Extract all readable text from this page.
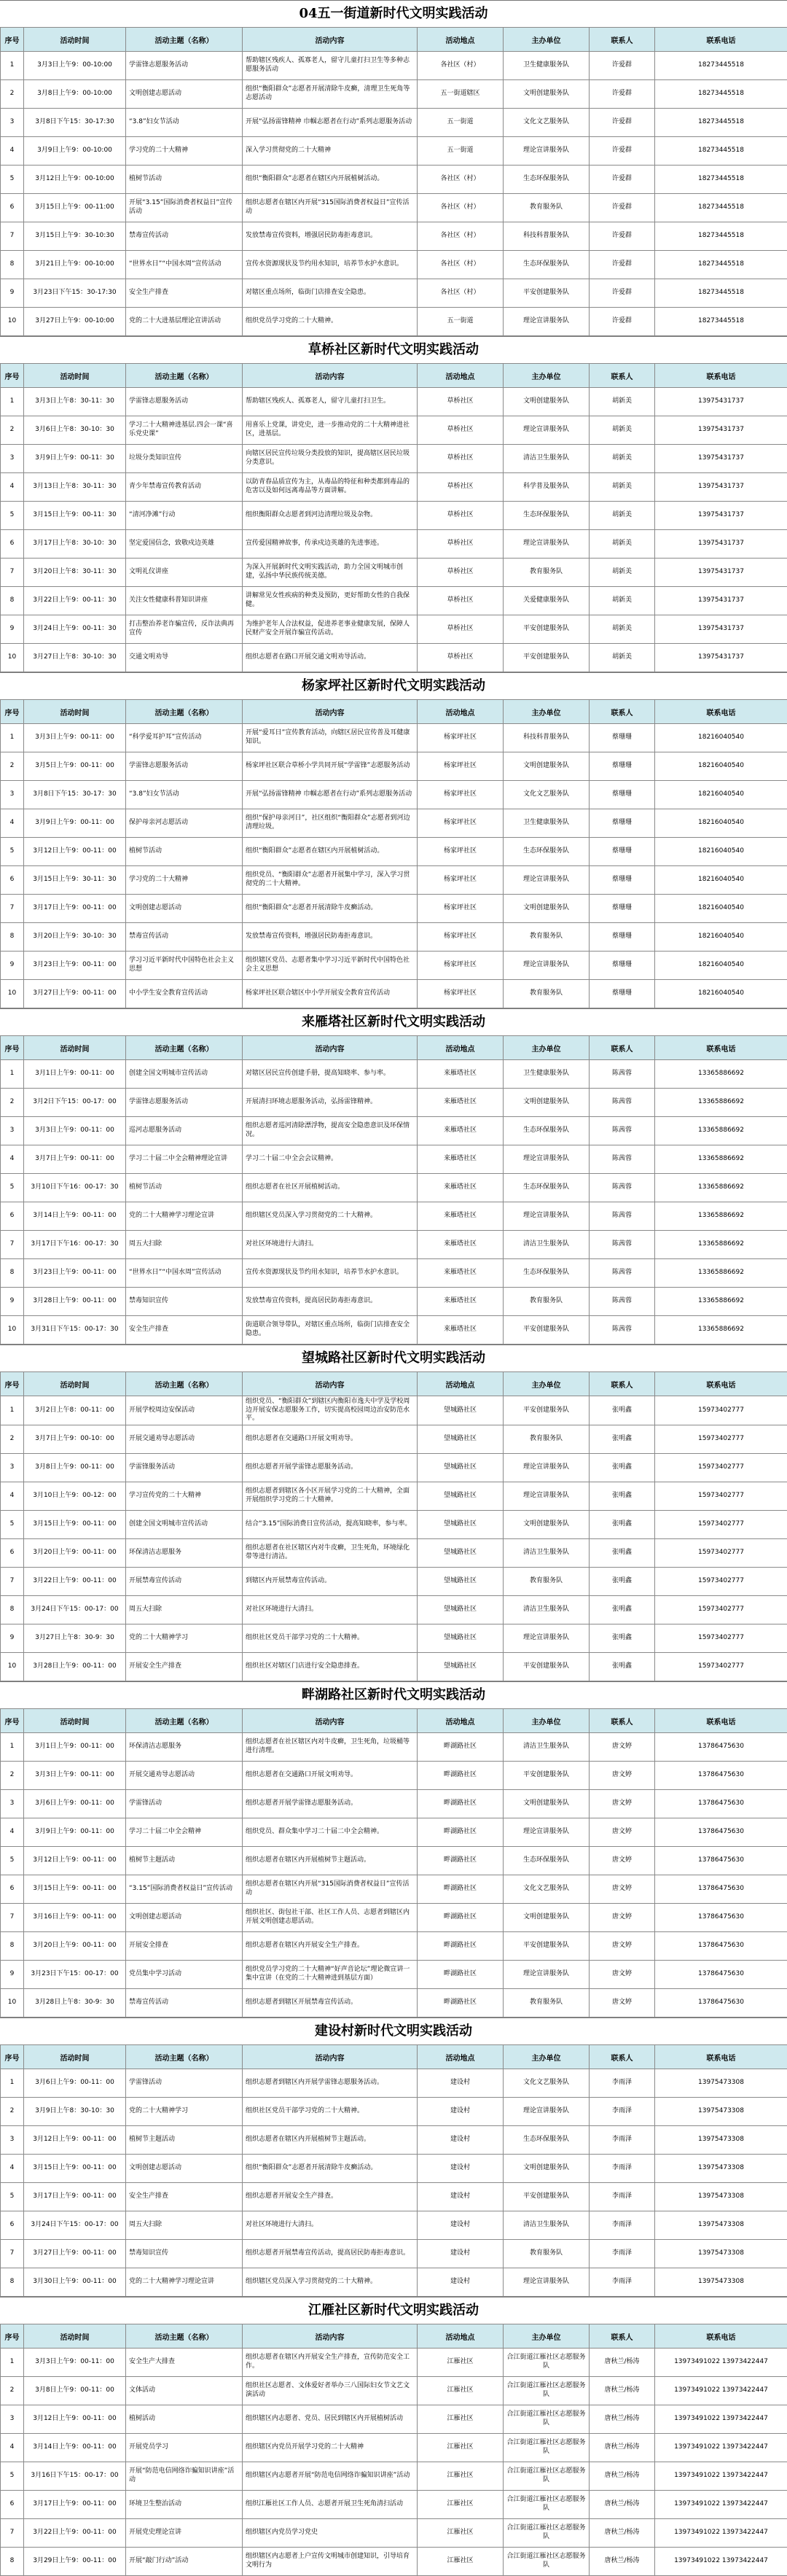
04五一街道新时代文明实践活动
序号	活动时间	活动主题（名称）	活动内容	活动地点	主办单位	联系人	联系电话
1	3月3日上午9：00-10:00	学雷锋志愿服务活动	帮助辖区残疾人、孤寡老人，留守儿童打扫卫生等多种志愿服务活动	各社区（村）	卫生健康服务队	许爱群	18273445518
2	3月8日上午9：00-10:00	文明创建志愿活动	组织“衡阳群众”志愿者开展清除牛皮癣，清理卫生死角等志愿活动	五一街道辖区	文明创建服务队	许爱群	18273445518
3	3月8日下午15：30-17:30	“3.8”妇女节活动	开展“弘扬雷锋精神 巾帼志愿者在行动”系列志愿服务活动	五一街道	文化文艺服务队	许爱群	18273445518
4	3月9日上午9：00-10:00	学习党的二十大精神	深入学习贯彻党的二十大精神	五一街道	理论宣讲服务队	许爱群	18273445518
5	3月12日上午9：00-10:00	植树节活动	组织“衡阳群众”志愿者在辖区内开展植树活动。	各社区（村）	生态环保服务队	许爱群	18273445518
6	3月15日上午9：00-11:00	开展“3.15”国际消费者权益日”宣传活动	组织志愿者在辖区内开展“315国际消费者权益日”宣传活动	各社区（村）	教育服务队	许爱群	18273445518
7	3月15日上午9：30-10:30	禁毒宣传活动	发放禁毒宣传资料，增强居民防毒拒毒意识。	各社区（村）	科技科普服务队	许爱群	18273445518
8	3月21日上午9：00-10:00	“世界水日”“中国水周”宣传活动	宣传水资源现状及节约用水知识，培养节水护水意识。	各社区（村）	生态环保服务队	许爱群	18273445518
9	3月23日下午15：30-17:30	安全生产排查	对辖区重点场所，临街门店排查安全隐患。	各社区（村）	平安创建服务队	许爱群	18273445518
10	3月27日上午9：00-10:00	党的二十大进基层理论宣讲活动	组织党员学习党的二十大精神。	五一街道	理论宣讲服务队	许爱群	18273445518
草桥社区新时代文明实践活动
序号	活动时间	活动主题（名称）	活动内容	活动地点	主办单位	联系人	联系电话
1	3月3日上午8：30-11：30	学雷锋志愿服务活动	帮助辖区残疾人、孤寡老人，留守儿童打扫卫生。	草桥社区	文明创建服务队	胡新美	13975431737
2	3月6日上午8：30-10：30	学习二十大精神进基层.四会一课“喜乐党史课”	用喜乐上党课，讲党史，进一步推动党的二十大精神进社区，进基层。	草桥社区	理论宣讲服务队	胡新美	13975431737
3	3月9日上午9：00-11：30	垃圾分类知识宣传	向辖区居民宣传垃圾分类投放的知识，提高辖区居民垃圾分类意识。	草桥社区	清洁卫生服务队	胡新美	13975431737
4	3月13日上午8：30-11：30	青少年禁毒宣传教育活动	以防青春品质宣传为主，从毒品的特征和种类都到毒品的危害以及如何远离毒品等方面讲解。	草桥社区	科学普及服务队	胡新美	13975431737
5	3月15日上午9：00-11：30	“清河净滩”行动	组织衡阳群众志愿者到河边清理垃圾及杂物。	草桥社区	生态环保服务队	胡新美	13975431737
6	3月17日上午8：30-10：30	坚定爱国信念，致敬戍边英雄	宣传爱国精神故事，传承戍边英雄的先进事迹。	草桥社区	理论宣讲服务队	胡新美	13975431737
7	3月20日上午8：30-11：30	文明礼仪讲座	为深入开展新时代文明实践活动，助力全国文明城市创建，弘扬中华民族传统美德。	草桥社区	教育服务队	胡新美	13975431737
8	3月22日上午9：00-11：30	关注女性健康科普知识讲座	讲解常见女性疾病的种类及预防，更好帮助女性的自我保健。	草桥社区	关爱健康服务队	胡新美	13975431737
9	3月24日上午9：00-11：30	打击整治养老诈骗宣传，反诈法典再宣传	为维护老年人合法权益，促进养老事业健康发展，保障人民财产安全开展诈骗宣传活动。	草桥社区	平安创建服务队	胡新美	13975431737
10	3月27日上午8：30-10：30	交通文明劝导	组织志愿者在路口开展交通文明劝导活动。	草桥社区	平安创建服务队	胡新美	13975431737
杨家坪社区新时代文明实践活动
序号	活动时间	活动主题（名称）	活动内容	活动地点	主办单位	联系人	联系电话
1	3月3日上午9：00-11：00	“科学爱耳护耳”宣传活动	开展“爱耳日”宣传教育活动，向辖区居民宣传普及耳健康知识。	杨家坪社区	科技科普服务队	蔡珊珊	18216040540
2	3月5日上午9：00-11：00	学雷锋志愿服务活动	杨家坪社区联合草桥小学共同开展“学雷锋”志愿服务活动	杨家坪社区	文明创建服务队	蔡珊珊	18216040540
3	3月8日下午15：30-17：30	“3.8”妇女节活动	开展“弘扬雷锋精神 巾帼志愿者在行动”系列志愿服务活动	杨家坪社区	文化文艺服务队	蔡珊珊	18216040540
4	3月9日上午9：00-11：00	保护母亲河志愿活动	组织“保护母亲河日”，社区组织“衡阳群众”志愿者到河边清理垃圾。	杨家坪社区	卫生健康服务队	蔡珊珊	18216040540
5	3月12日上午9：00-11：00	植树节活动	组织“衡阳群众”志愿者在辖区内开展植树活动。	杨家坪社区	生态环保服务队	蔡珊珊	18216040540
6	3月15日上午9：30-11：30	学习党的二十大精神	组织党员、“衡阳群众”志愿者开展集中学习，深入学习贯彻党的二十大精神。	杨家坪社区	理论宣讲服务队	蔡珊珊	18216040540
7	3月17日上午9：00-11：00	文明创建志愿活动	组织“衡阳群众”志愿者开展清除牛皮癣活动。	杨家坪社区	文明创建服务队	蔡珊珊	18216040540
8	3月20日上午9：30-10：30	禁毒宣传活动	发放禁毒宣传资料，增强居民防毒拒毒意识。	杨家坪社区	教育服务队	蔡珊珊	18216040540
9	3月23日上午9：00-11：00	学习习近平新时代中国特色社会主义思想	组织辖区党员、志愿者集中学习习近平新时代中国特色社会主义思想	杨家坪社区	理论宣讲服务队	蔡珊珊	18216040540
10	3月27日上午9：00-11：00	中小学生安全教育宣传活动	杨家坪社区联合辖区中小学开展安全教育宣传活动	杨家坪社区	教育服务队	蔡珊珊	18216040540
来雁塔社区新时代文明实践活动
序号	活动时间	活动主题（名称）	活动内容	活动地点	主办单位	联系人	联系电话
1	3月1日上午9：00-11：00	创建全国文明城市宣传活动	对辖区居民宣传创建手册，提高知晓率、参与率。	来雁塔社区	卫生健康服务队	陈茜蓉	13365886692
2	3月2日下午15：00-17：00	学雷锋志愿服务活动	开展清扫环境志愿服务活动，弘扬雷锋精神。	来雁塔社区	文明创建服务队	陈茜蓉	13365886692
3	3月3日上午9：00-11：00	巡河志愿服务活动	组织志愿者巡河清除漂浮物，提高安全隐患意识及环保情况。	来雁塔社区	生态环保服务队	陈茜蓉	13365886692
4	3月7日上午9：00-11：00	学习二十届二中全会精神理论宣讲	学习二十届二中全会会议精神。	来雁塔社区	理论宣讲服务队	陈茜蓉	13365886692
5	3月10日下午16：00-17：30	植树节活动	组织志愿者在社区开展植树活动。	来雁塔社区	生态环保服务队	陈茜蓉	13365886692
6	3月14日上午9：00-11：00	党的二十大精神学习理论宣讲	组织辖区党员深入学习贯彻党的二十大精神。	来雁塔社区	理论宣讲服务队	陈茜蓉	13365886692
7	3月17日下午16：00-17：30	周五大扫除	对社区环境进行大清扫。	来雁塔社区	清洁卫生服务队	陈茜蓉	13365886692
8	3月23日上午9：00-11：00	“世界水日”“中国水周”宣传活动	宣传水资源现状及节约用水知识，培养节水护水意识。	来雁塔社区	生态环保服务队	陈茜蓉	13365886692
9	3月28日上午9：00-11：00	禁毒知识宣传	发放禁毒宣传资料，提高居民防毒拒毒意识。	来雁塔社区	教育服务队	陈茜蓉	13365886692
10	3月31日下午15：00-17：30	安全生产排查	街道联合领导带队，对辖区重点场所，临街门店排查安全隐患。	来雁塔社区	平安创建服务队	陈茜蓉	13365886692
望城路社区新时代文明实践活动
序号	活动时间	活动主题（名称）	活动内容	活动地点	主办单位	联系人	联系电话
1	3月2日上午8：00-11：00	开展学校周边安保活动	组织党员、“衡阳群众”到辖区内衡阳市逸夫中学及学校周边开展安保志愿服务工作，切实提高校园周边治安防范水平。	望城路社区	平安创建服务队	张明鑫	15973402777
2	3月7日上午9：00-10：00	开展交通劝导志愿活动	组织志愿者在交通路口开展文明劝导。	望城路社区	教育服务队	张明鑫	15973402777
3	3月8日上午9：00-11：00	学雷锋服务活动	组织志愿者开展学雷锋志愿服务活动。	望城路社区	理论宣讲服务队	张明鑫	15973402777
4	3月10日上午9：00-12：00	学习宣传党的二十大精神	组织志愿者到辖区各小区开展学习党的二十大精神，全面开展组织学习党的二十大精神。	望城路社区	理论宣讲服务队	张明鑫	15973402777
5	3月15日上午9：00-11：00	创建全国文明城市宣传活动	结合“3.15”国际消费日宣传活动，提高知晓率，参与率。	望城路社区	文明创建服务队	张明鑫	15973402777
6	3月20日上午9：00-11：00	环保清洁志愿服务	组织志愿者在社区辖区内对牛皮癣，卫生死角，环境绿化带等进行清洁。	望城路社区	清洁卫生服务队	张明鑫	15973402777
7	3月22日上午9：00-11：00	开展禁毒宣传活动	到辖区内开展禁毒宣传活动。	望城路社区	教育服务队	张明鑫	15973402777
8	3月24日下午15：00-17：00	周五大扫除	对社区环境进行大清扫。	望城路社区	清洁卫生服务队	张明鑫	15973402777
9	3月27日上午8：30-9：30	党的二十大精神学习	组织社区党员干部学习党的二十大精神。	望城路社区	理论宣讲服务队	张明鑫	15973402777
10	3月28日上午9：00-11：00	开展安全生产排查	组织社区对辖区门店进行安全隐患排查。	望城路社区	平安创建服务队	张明鑫	15973402777
畔湖路社区新时代文明实践活动
序号	活动时间	活动主题（名称）	活动内容	活动地点	主办单位	联系人	联系电话
1	3月1日上午9：00-11：00	环保清洁志愿服务	组织志愿者在社区辖区内对牛皮癣，卫生死角，垃圾桶等进行清理。	畔湖路社区	清洁卫生服务队	唐文婷	13786475630
2	3月3日上午9：00-11：00	开展交通劝导志愿活动	组织志愿者在交通路口开展文明劝导。	畔湖路社区	平安创建服务队	唐文婷	13786475630
3	3月6日上午9：00-11：00	学雷锋活动	组织志愿者开展学雷锋志愿服务活动。	畔湖路社区	文明创建服务队	唐文婷	13786475630
4	3月9日上午9：00-11：00	学习二十届二中全会精神	组织党员、群众集中学习二十届二中全会精神。	畔湖路社区	理论宣讲服务队	唐文婷	13786475630
5	3月12日上午9：00-11：00	植树节主题活动	组织志愿者在辖区内开展植树节主题活动。	畔湖路社区	生态环保服务队	唐文婷	13786475630
6	3月15日上午9：00-11：00	“3.15”国际消费者权益日”宣传活动	组织志愿者在辖区内开展“315国际消费者权益日”宣传活动	畔湖路社区	文化文艺服务队	唐文婷	13786475630
7	3月16日上午9：00-11：00	文明创建志愿活动	组织社区、街包社干部、社区工作人员、志愿者到辖区内开展文明创建志愿活动。	畔湖路社区	文明创建服务队	唐文婷	13786475630
8	3月20日上午9：00-11：00	开展安全排查	组织志愿者在辖区内开展安全生产排查。	畔湖路社区	平安创建服务队	唐文婷	13786475630
9	3月23日下午15：00-17：00	党员集中学习活动	组织党员学习党的二十大精神“好声音论坛”理论微宣讲一集中宣讲（在党的二十大精神进到基层方面）	畔湖路社区	理论宣讲服务队	唐文婷	13786475630
10	3月28日上午8：30-9：30	禁毒宣传活动	组织志愿者到辖区开展禁毒宣传活动。	畔湖路社区	教育服务队	唐文婷	13786475630
建设村新时代文明实践活动
序号	活动时间	活动主题（名称）	活动内容	活动地点	主办单位	联系人	联系电话
1	3月6日上午9：00-11：00	学雷锋活动	组织志愿者到辖区内开展学雷锋志愿服务活动。	建设村	文化文艺服务队	李雨泽	13975473308
2	3月9日上午8：30-10：30	党的二十大精神学习	组织社区党员干部学习党的二十大精神。	建设村	理论宣讲服务队	李雨泽	13975473308
3	3月12日上午9：00-11：00	植树节主题活动	组织志愿者在辖区内开展植树节主题活动。	建设村	生态环保服务队	李雨泽	13975473308
4	3月15日上午9：00-11：00	文明创建志愿活动	组织“衡阳群众”志愿者开展清除牛皮癣活动。	建设村	文明创建服务队	李雨泽	13975473308
5	3月17日上午9：00-11：00	安全生产排查	组织志愿者开展安全生产排查。	建设村	平安创建服务队	李雨泽	13975473308
6	3月24日下午15：00-17：00	周五大扫除	对社区环境进行大清扫。	建设村	清洁卫生服务队	李雨泽	13975473308
7	3月27日上午9：00-11：00	禁毒知识宣传	组织志愿者开展禁毒宣传活动，提高居民防毒拒毒意识。	建设村	教育服务队	李雨泽	13975473308
8	3月30日上午9：00-11：00	党的二十大精神学习理论宣讲	组织辖区党员深入学习贯彻党的二十大精神。	建设村	理论宣讲服务队	李雨泽	13975473308
江雁社区新时代文明实践活动
序号	活动时间	活动主题（名称）	活动内容	活动地点	主办单位	联系人	联系电话
1	3月3日上午9：00-11：00	安全生产大排查	组织志愿者在辖区内开展安全生产排查，宣传防范安全工作。	江雁社区	合江街道江雁社区志愿服务队	唐秋兰/杨涛	13973491022 13973422447
2	3月8日上午9：00-11：00	文体活动	组织社区志愿者、文体爱好者举办三八国际妇女节文艺文演活动	江雁社区	合江街道江雁社区志愿服务队	唐秋兰/杨涛	13973491022 13973422447
3	3月12日上午9：00-11：00	植树活动	组织辖区内志愿者、党员、居民到辖区内开展植树活动	江雁社区	合江街道江雁社区志愿服务队	唐秋兰/杨涛	13973491022 13973422447
4	3月14日上午9：00-11：00	开展党员学习	组织辖区内党员开展学习党的二十大精神	江雁社区	合江街道江雁社区志愿服务队	唐秋兰/杨涛	13973491022 13973422447
5	3月16日下午15：00-17：00	开展“防范电信网络诈骗知识讲座”活动	组织辖区内志愿者开展“防范电信网络诈骗知识讲座”活动	江雁社区	合江街道江雁社区志愿服务队	唐秋兰/杨涛	13973491022 13973422447
6	3月17日上午9：00-11：00	环境卫生整治活动	组织江雁社区工作人员、志愿者开展卫生死角清扫活动	江雁社区	合江街道江雁社区志愿服务队	唐秋兰/杨涛	13973491022 13973422447
7	3月22日上午9：00-11：00	开展党史理论宣讲	组织辖区内党员学习党史	江雁社区	合江街道江雁社区志愿服务队	唐秋兰/杨涛	13973491022 13973422447
8	3月29日上午9：00-11：00	开展“敲门行动”活动	组织辖区内志愿者上户宣传文明城市创建知识，引导培育文明行为	江雁社区	合江街道江雁社区志愿服务队	唐秋兰/杨涛	13973491022 13973422447
